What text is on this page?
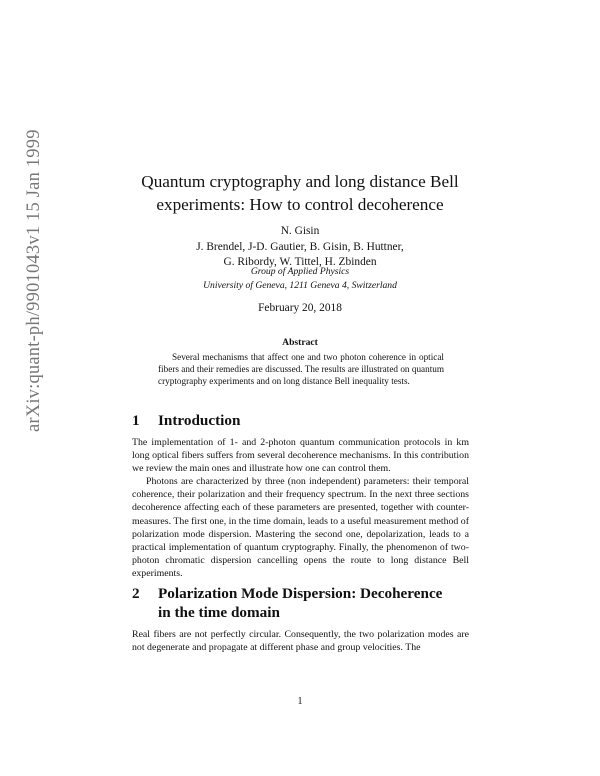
arXiv:quant-ph/9901043v1 15 Jan 1999	Quantum cryptography and long distance Bell
experiments: How to control decoherence
N. Gisin
J. Brendel, J-D. Gautier, B. Gisin, B. Huttner,
G. Ribordy, W. Tittel, H. Zbinden
Group of Applied Physics
University of Geneva, 1211 Geneva 4, Switzerland
February 20, 2018
Abstract

Several mechanisms that affect one and two photon coherence in optical fibers and their remedies are discussed. The results are illustrated on quantum cryptography experiments and on long distance Bell inequality tests.

1 Introduction

The implementation of 1- and 2-photon quantum communication protocols in km long optical fibers suffers from several decoherence mechanisms. In this contribution we review the main ones and illustrate how one can control them.

Photons are characterized by three (non independent) parameters: their temporal coherence, their polarization and their frequency spectrum. In the next three sections decoherence affecting each of these parameters are presented, together with counter-measures. The first one, in the time domain, leads to a useful measurement method of polarization mode dispersion. Mastering the second one, depolarization, leads to a practical implementation of quantum cryptography. Finally, the phenomenon of two-photon chromatic dispersion cancelling opens the route to long distance Bell experiments.

2 Polarization Mode Dispersion: Decoherence
in the time domain

Real fibers are not perfectly circular. Consequently, the two polarization modes are not degenerate and propagate at different phase and group velocities. The

1
